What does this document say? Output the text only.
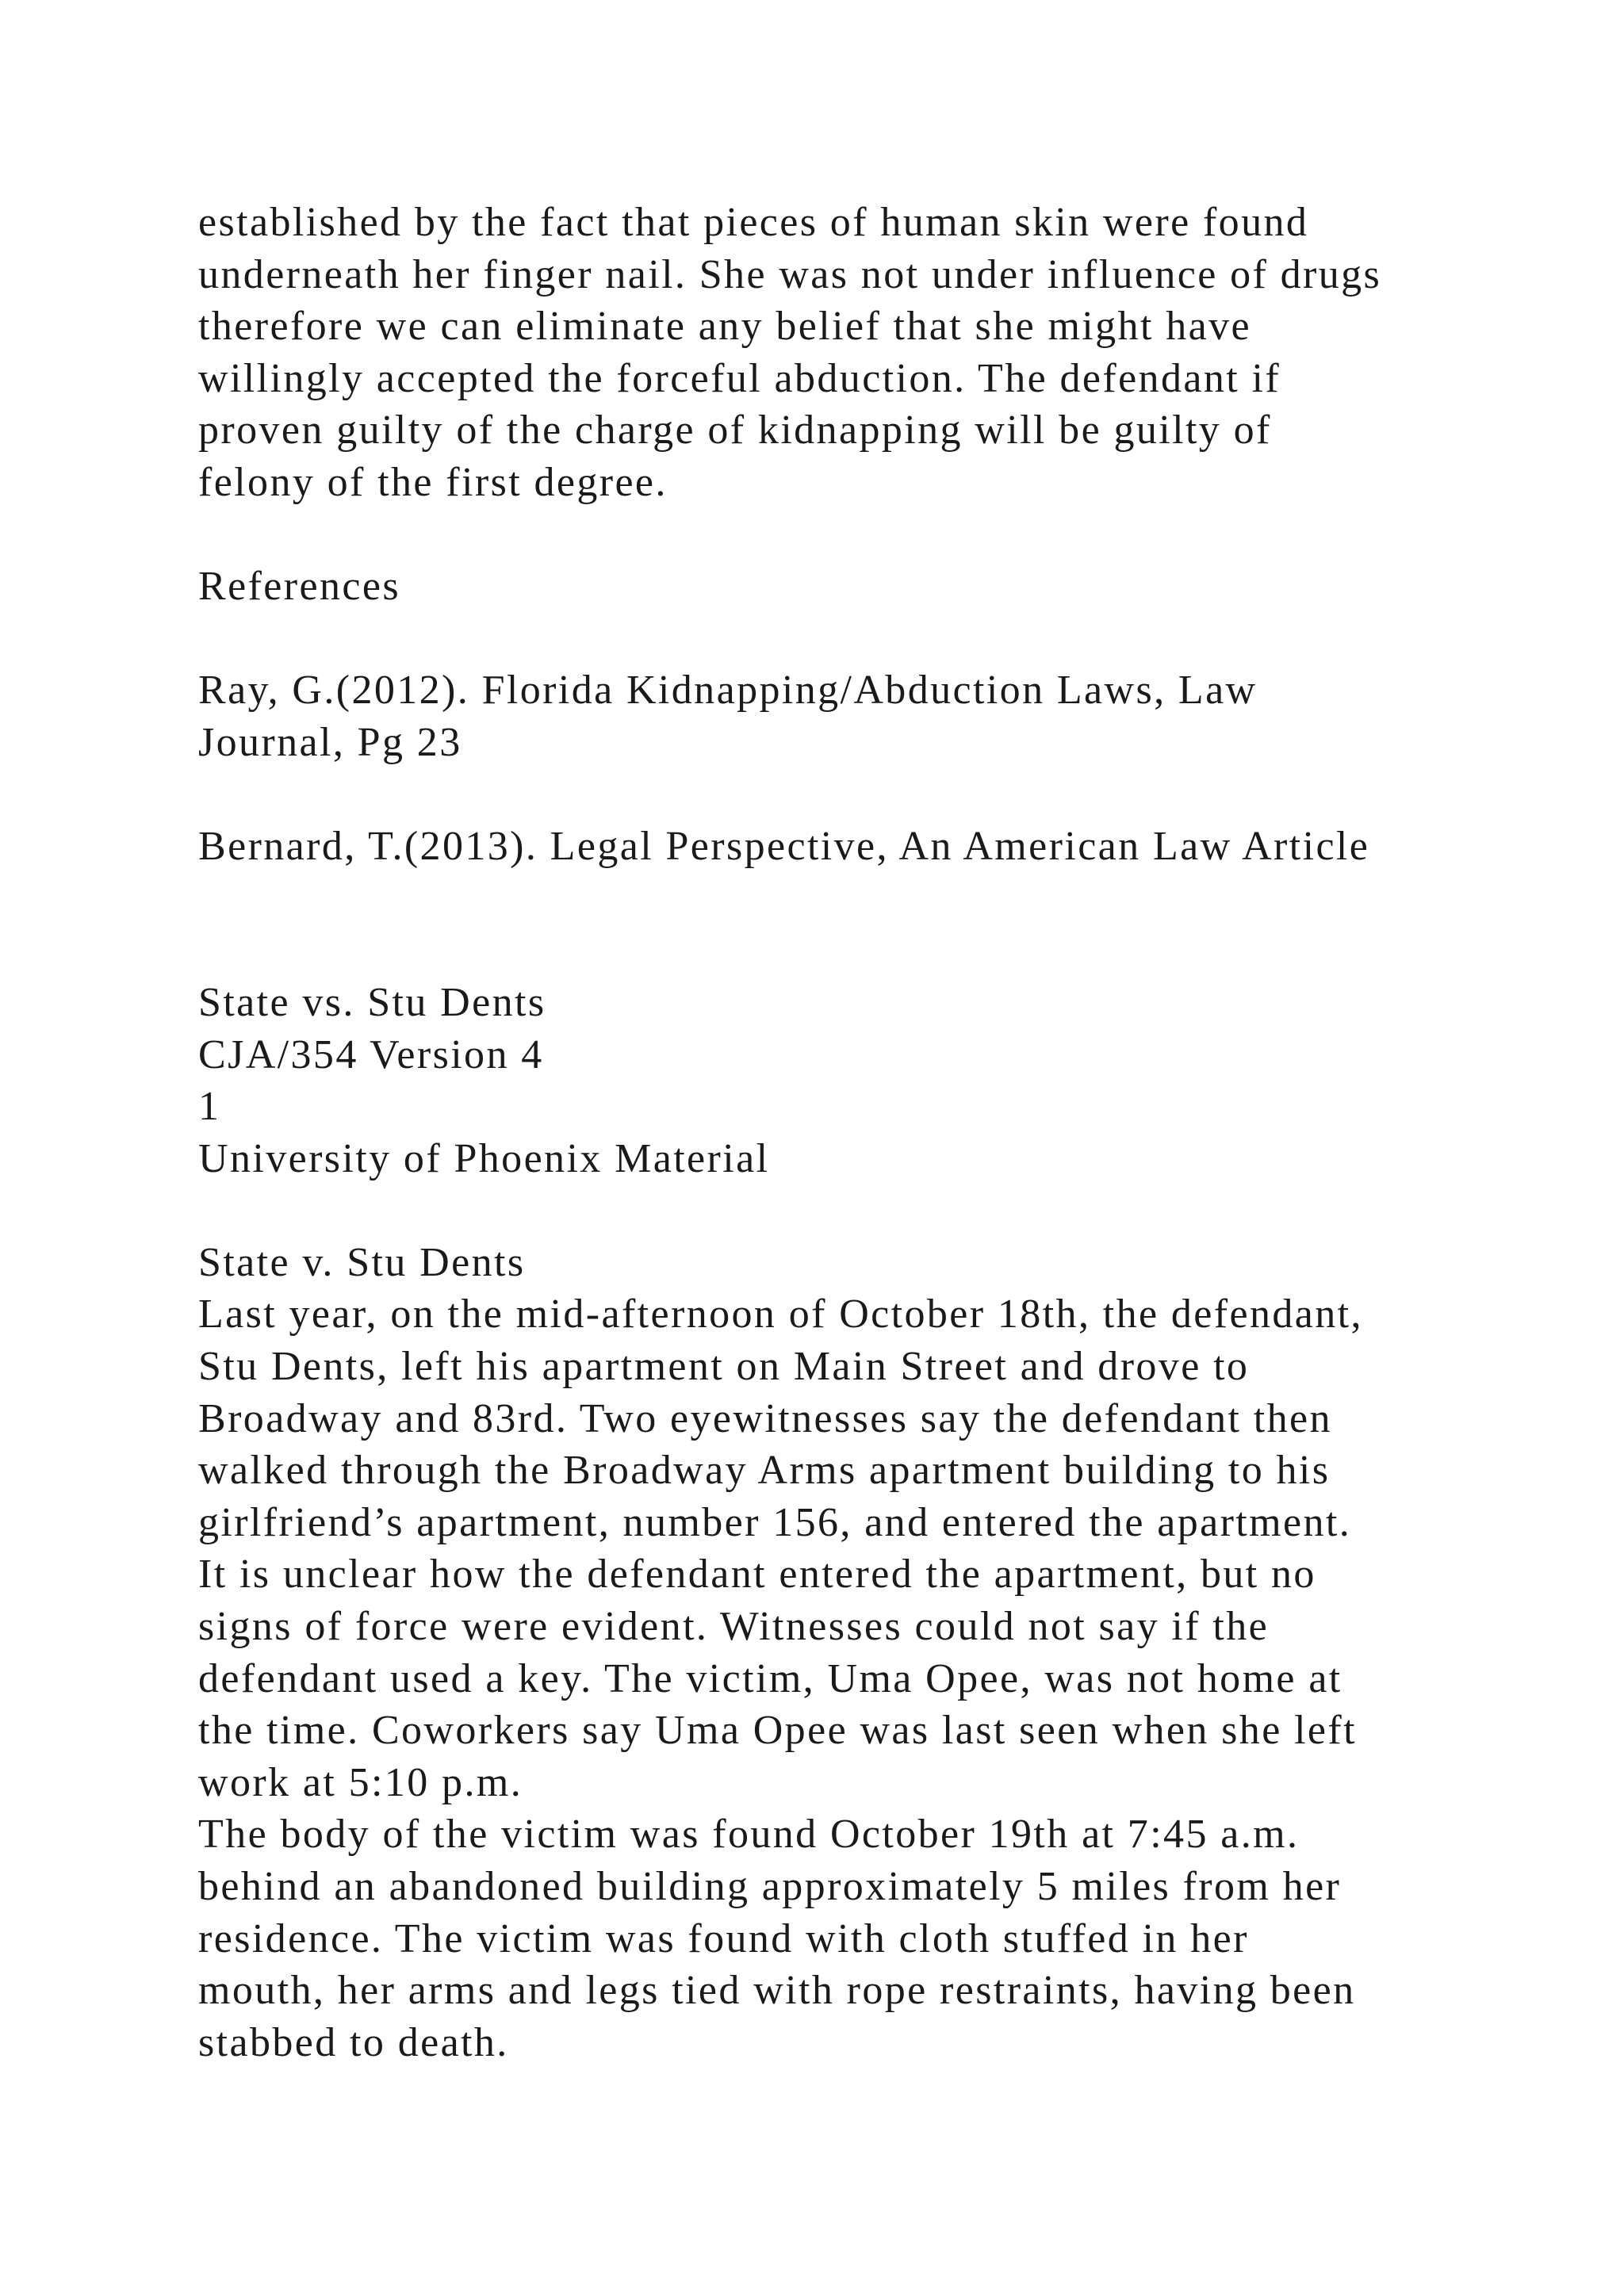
established by the fact that pieces of human skin were found
underneath her finger nail. She was not under influence of drugs
therefore we can eliminate any belief that she might have
willingly accepted the forceful abduction. The defendant if
proven guilty of the charge of kidnapping will be guilty of
felony of the first degree.
References
Ray, G.(2012). Florida Kidnapping/Abduction Laws, Law
Journal, Pg 23
Bernard, T.(2013). Legal Perspective, An American Law Article
State vs. Stu Dents
CJA/354 Version 4
1
University of Phoenix Material
State v. Stu Dents
Last year, on the mid-afternoon of October 18th, the defendant,
Stu Dents, left his apartment on Main Street and drove to
Broadway and 83rd. Two eyewitnesses say the defendant then
walked through the Broadway Arms apartment building to his
girlfriend’s apartment, number 156, and entered the apartment.
It is unclear how the defendant entered the apartment, but no
signs of force were evident. Witnesses could not say if the
defendant used a key. The victim, Uma Opee, was not home at
the time. Coworkers say Uma Opee was last seen when she left
work at 5:10 p.m.
The body of the victim was found October 19th at 7:45 a.m.
behind an abandoned building approximately 5 miles from her
residence. The victim was found with cloth stuffed in her
mouth, her arms and legs tied with rope restraints, having been
stabbed to death.
